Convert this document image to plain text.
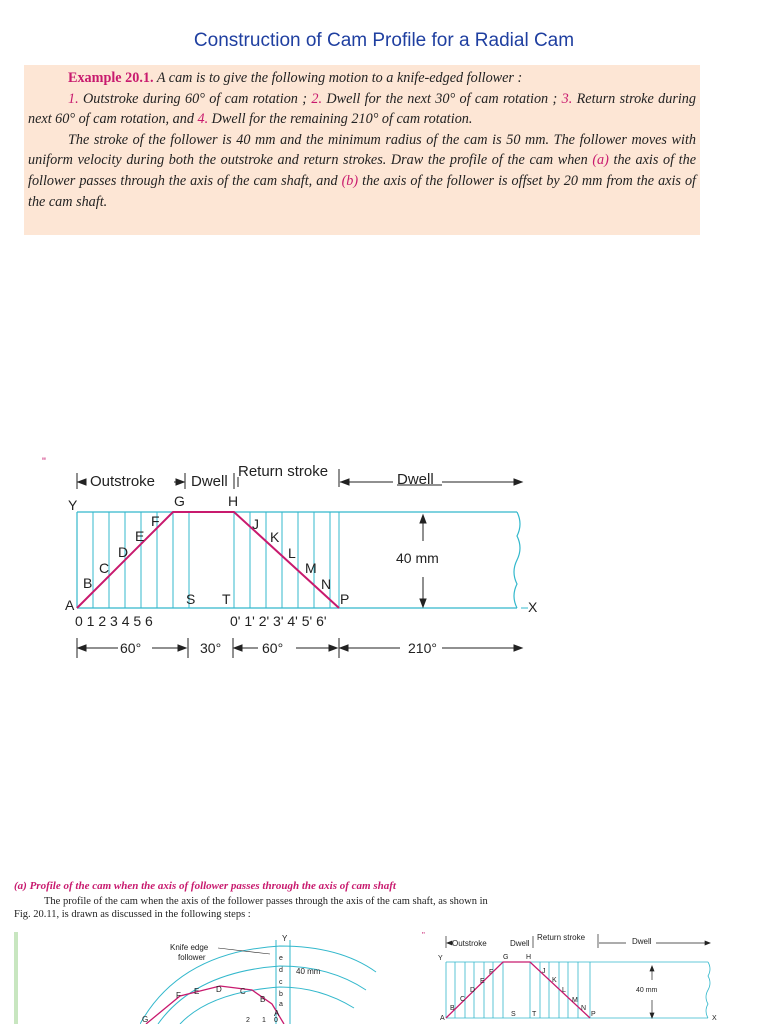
Construction of Cam Profile for a Radial Cam

Example 20.1. A cam is to give the following motion to a knife-edged follower :

1. Outstroke during 60° of cam rotation ; 2. Dwell for the next 30° of cam rotation ; 3. Return stroke during next 60° of cam rotation, and 4. Dwell for the remaining 210° of cam rotation.

The stroke of the follower is 40 mm and the minimum radius of the cam is 50 mm. The follower moves with uniform velocity during both the outstroke and return strokes. Draw the profile of the cam when (a) the axis of the follower passes through the axis of the cam shaft, and (b) the axis of the follower is offset by 20 mm from the axis of the cam shaft.

"
Outstroke Dwell
Return stroke	Dwell
Y
A
B
C
D
E
F
G	H
J
K
L
M
N
P
S T	X
40 mm
0 1 2 3 4 5 6	0' 1' 2' 3' 4' 5' 6'
60°	30°	60°	210°
(a) Profile of the cam when the axis of follower passes through the axis of cam shaft
The profile of the cam when the axis of the follower passes through the axis of the cam shaft, as shown in Fig. 20.11, is drawn as discussed in the following steps :
Y
Knife edge
follower
40 mm
e
d
c
b
a
F E D C
B
A
G	2 1 0
"
Outstroke	Dwell
Return stroke	Dwell
Y
A
B
C
D
E
F
G	H
J
K
L
M
N
P
S T
X
40 mm
